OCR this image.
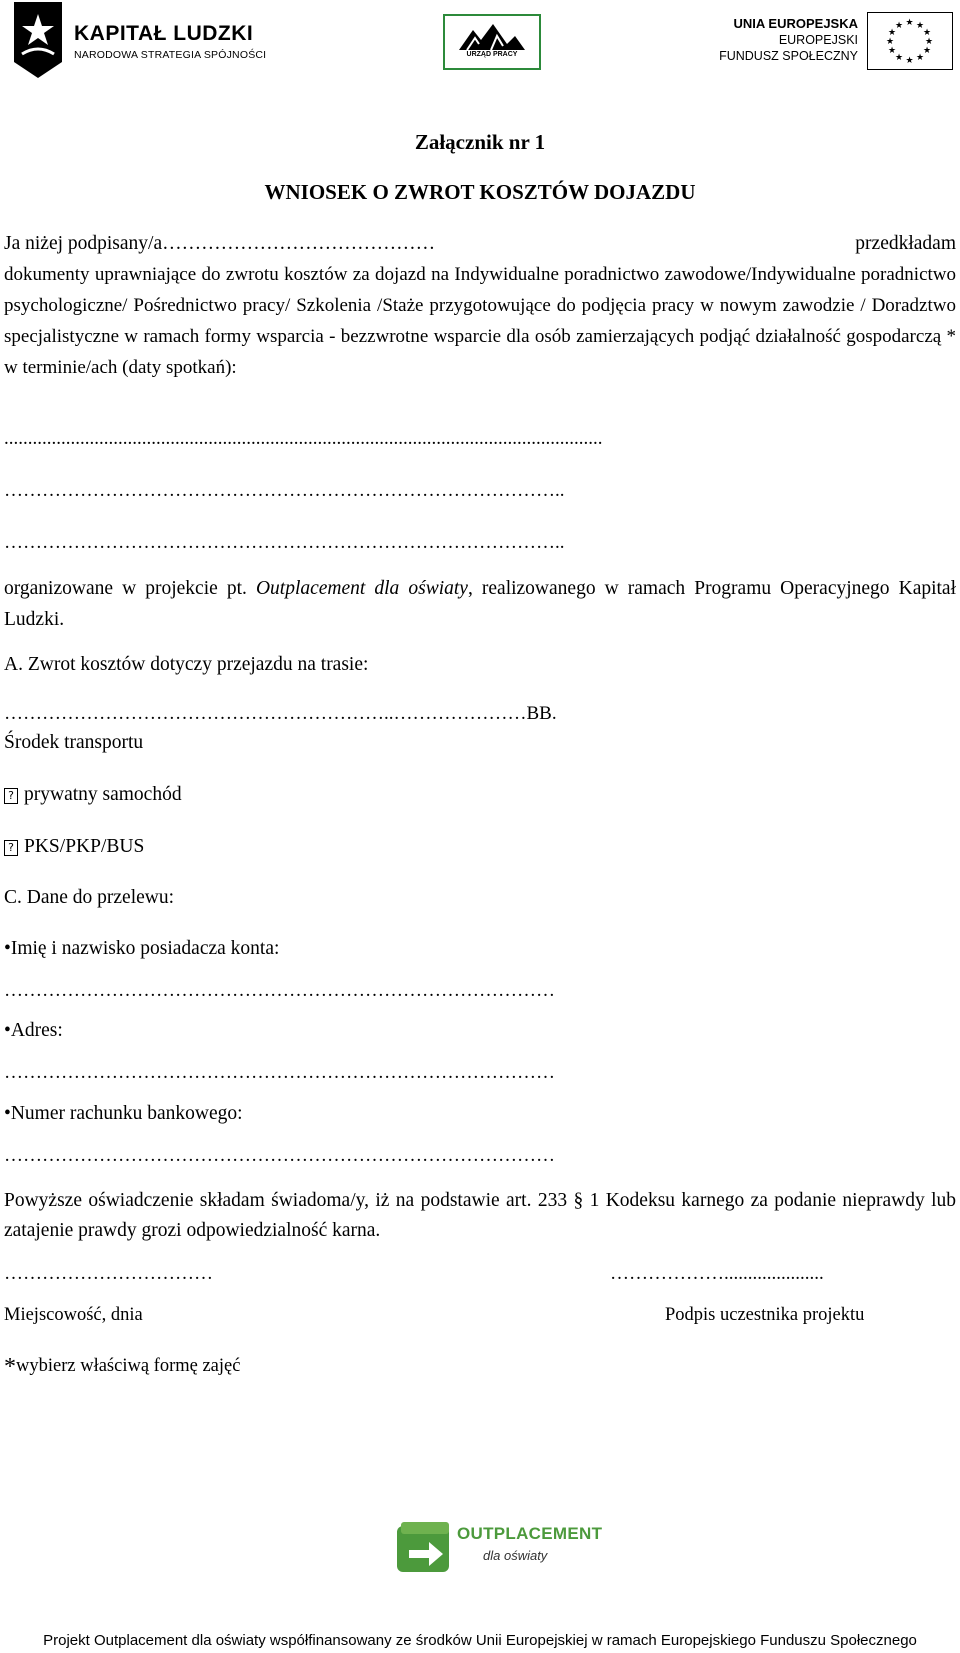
KAPITAŁ LUDZKI
NARODOWA STRATEGIA SPÓJNOŚCI	URZĄD PRACY
UNIA EUROPEJSKA
EUROPEJSKI
FUNDUSZ SPOŁECZNY
★ ★
★
★
★
★
★
★
★
★
★
★
Załącznik nr 1
WNIOSEK O ZWROT KOSZTÓW DOJAZDU
Ja niżej podpisany/a……………………………………	przedkładam
dokumenty uprawniające do zwrotu kosztów za dojazd na Indywidualne poradnictwo zawodowe/Indywidualne poradnictwo psychologiczne/ Pośrednictwo pracy/ Szkolenia /Staże przygotowujące do podjęcia pracy w nowym zawodzie / Doradztwo specjalistyczne w ramach formy wsparcia - bezzwrotne wsparcie dla osób zamierzających podjąć działalność gospodarczą * w terminie/ach (daty spotkań):
..............................................................................................................................
……………………………………………………………………………..
……………………………………………………………………………..
organizowane w projekcie pt. Outplacement dla oświaty, realizowanego w ramach Programu Operacyjnego Kapitał Ludzki.
A. Zwrot kosztów dotyczy przejazdu na trasie:
……………………………………………………..…………………BB.
Środek transportu
? prywatny samochód
? PKS/PKP/BUS
C. Dane do przelewu:
•Imię i nazwisko posiadacza konta:
……………………………………………………………………………
•Adres:
……………………………………………………………………………
•Numer rachunku bankowego:
……………………………………………………………………………
Powyższe oświadczenie składam świadoma/y, iż na podstawie art. 233 § 1 Kodeksu karnego za podanie nieprawdy lub zatajenie prawdy grozi odpowiedzialność karna.
……………………………	……………….....................
Miejscowość, dnia	Podpis uczestnika projektu
*wybierz właściwą formę zajęć
OUTPLACEMENT
dla oświaty
Projekt Outplacement dla oświaty współfinansowany ze środków Unii Europejskiej w ramach Europejskiego Funduszu Społecznego
